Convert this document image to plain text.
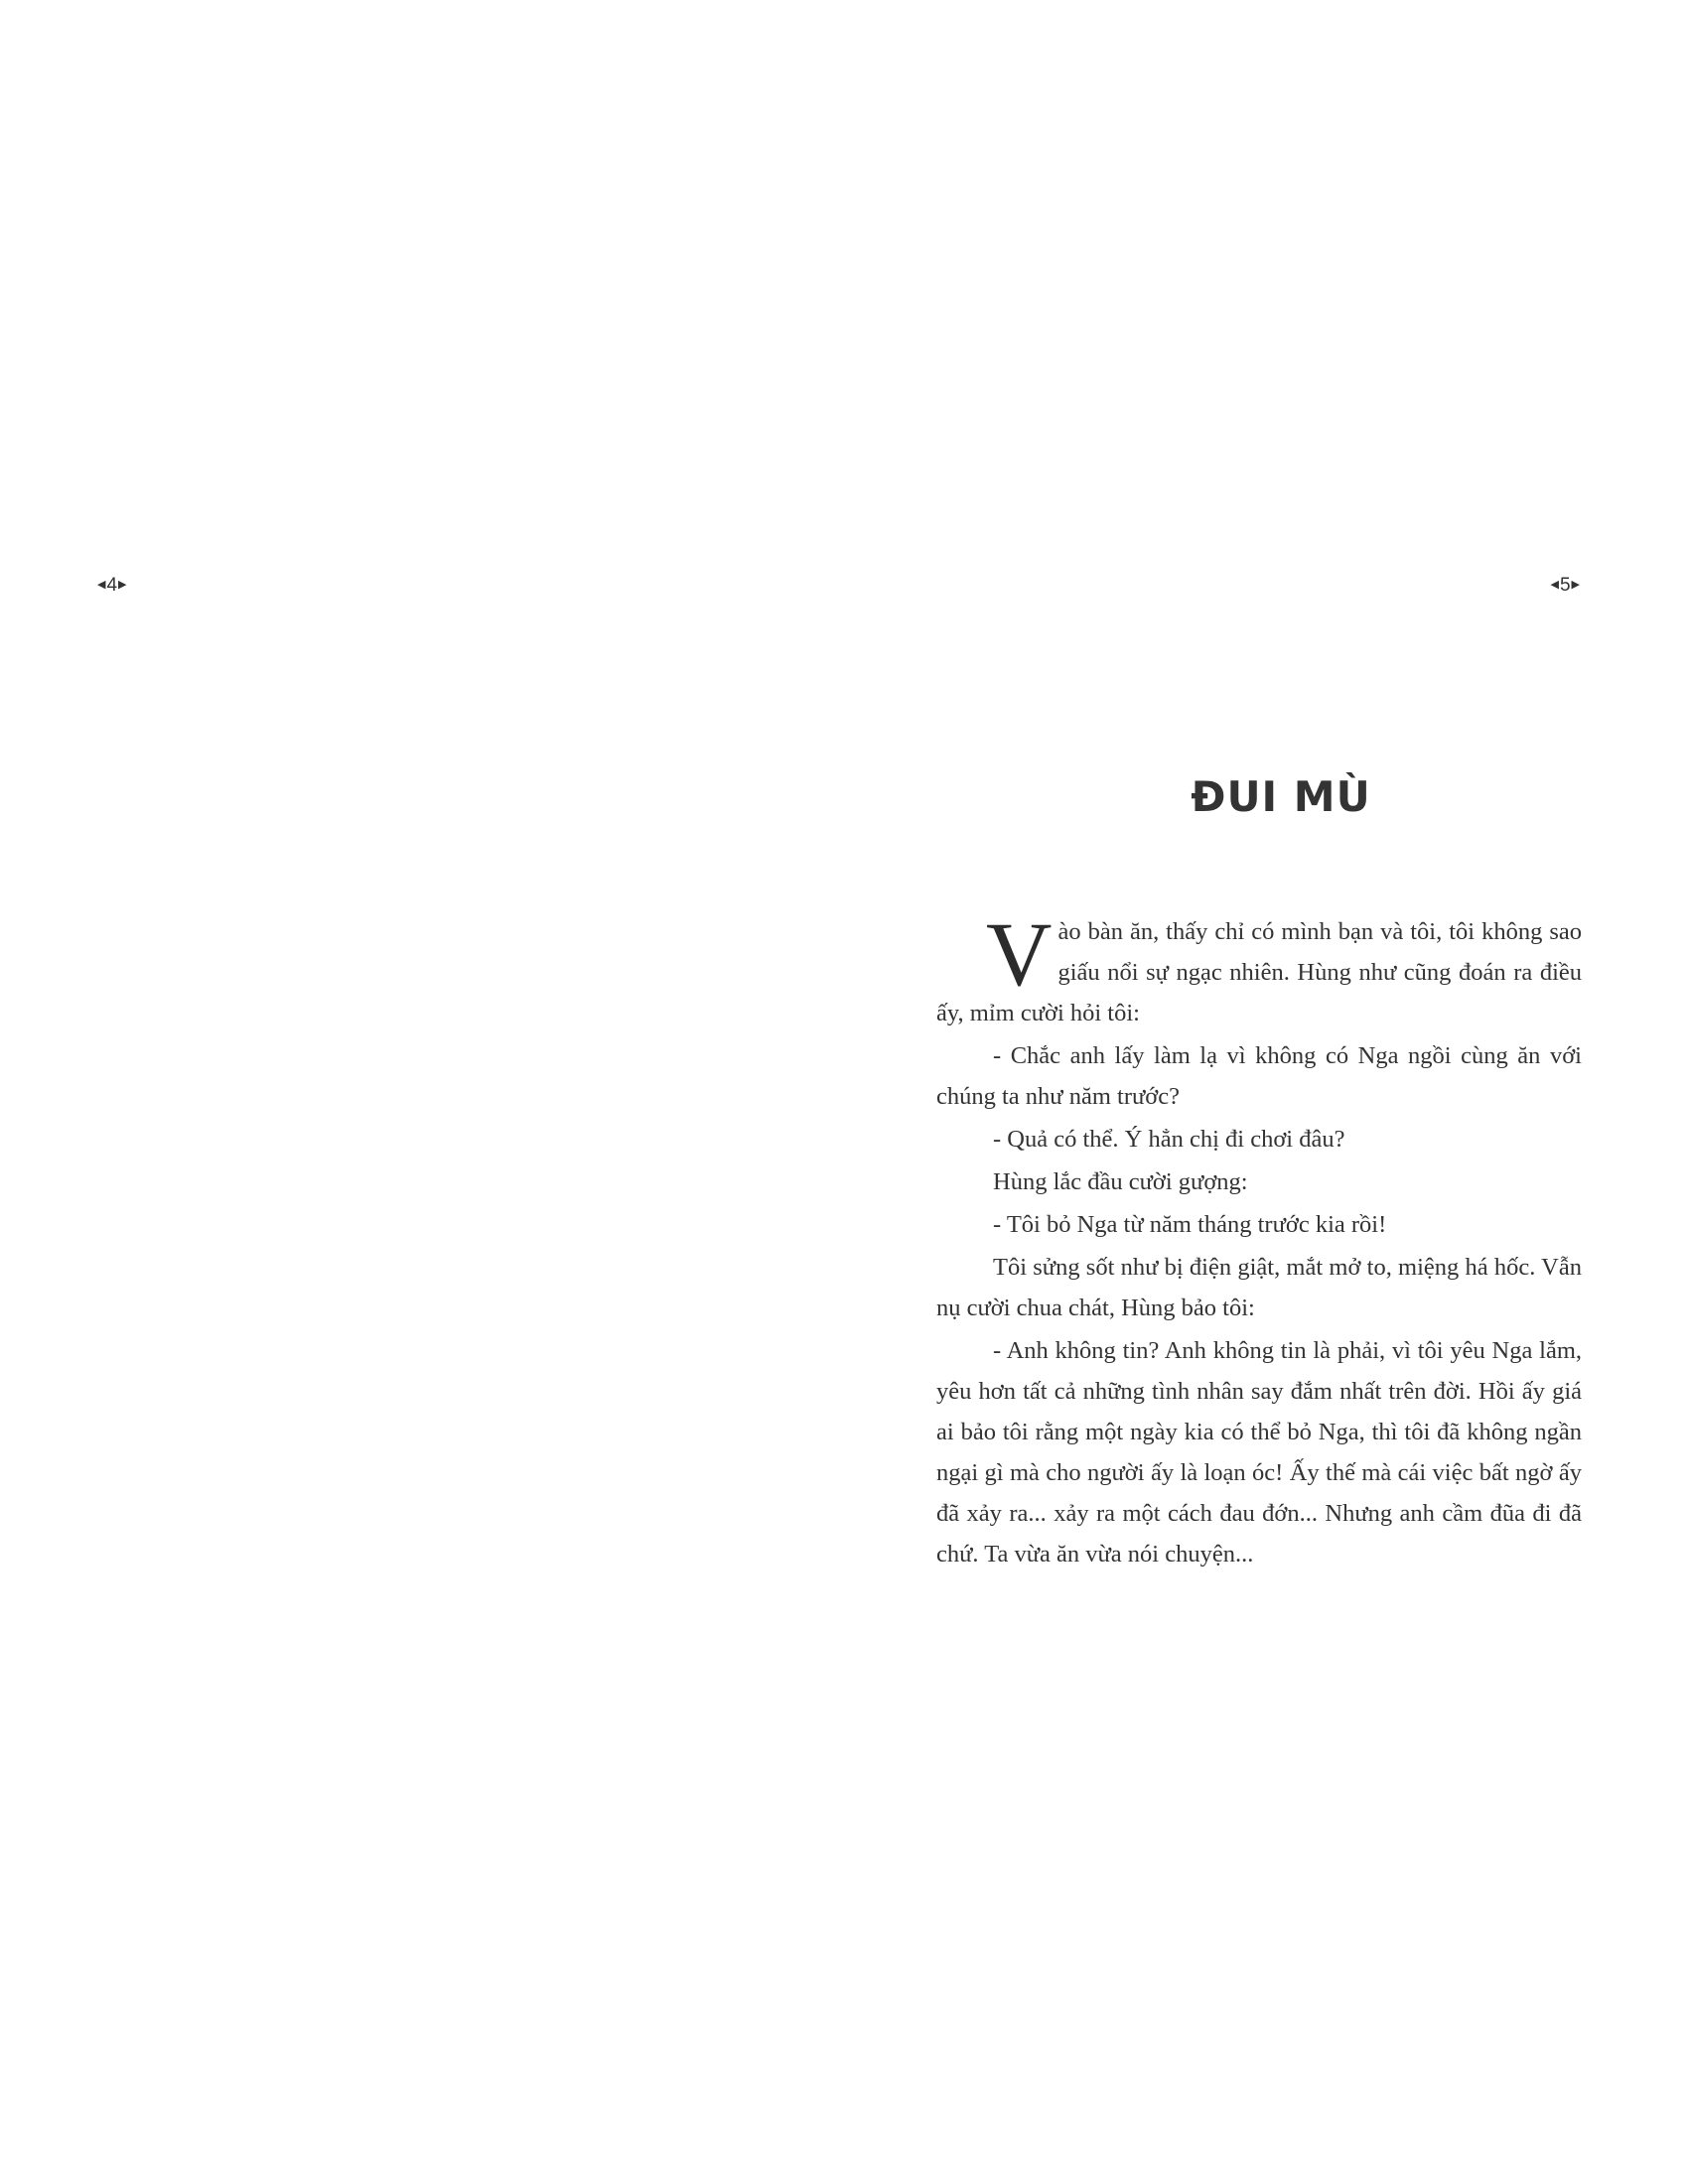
◀ 4 ▶	◀ 5 ▶
ĐUI MÙ

Vào bàn ăn, thấy chỉ có mình bạn và tôi, tôi không sao giấu nổi sự ngạc nhiên. Hùng như cũng đoán ra điều ấy, mỉm cười hỏi tôi:

- Chắc anh lấy làm lạ vì không có Nga ngồi cùng ăn với chúng ta như năm trước?

- Quả có thể. Ý hẳn chị đi chơi đâu?

Hùng lắc đầu cười gượng:

- Tôi bỏ Nga từ năm tháng trước kia rồi!

Tôi sửng sốt như bị điện giật, mắt mở to, miệng há hốc. Vẫn nụ cười chua chát, Hùng bảo tôi:

- Anh không tin? Anh không tin là phải, vì tôi yêu Nga lắm, yêu hơn tất cả những tình nhân say đắm nhất trên đời. Hồi ấy giá ai bảo tôi rằng một ngày kia có thể bỏ Nga, thì tôi đã không ngần ngại gì mà cho người ấy là loạn óc! Ấy thế mà cái việc bất ngờ ấy đã xảy ra... xảy ra một cách đau đớn... Nhưng anh cầm đũa đi đã chứ. Ta vừa ăn vừa nói chuyện...
